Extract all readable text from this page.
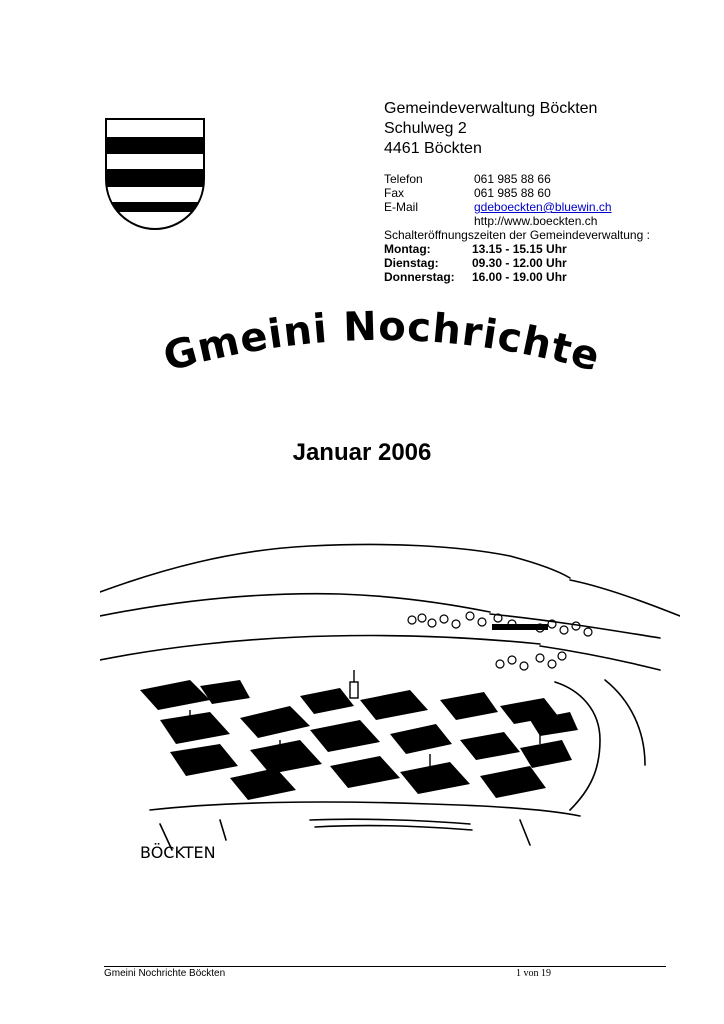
Gemeindeverwaltung Böckten
Schulweg 2
4461 Böckten
Telefon	061 985 88 66
Fax	061 985 88 60
E-Mail	gdeboeckten@bluewin.ch
http://www.boeckten.ch
Schalteröffnungszeiten der Gemeindeverwaltung :
Montag:	13.15 - 15.15 Uhr
Dienstag:	09.30 - 12.00 Uhr
Donnerstag:	16.00 - 19.00 Uhr
Gmeini Nochrichte
Januar 2006
BÖCKTEN
Gmeini Nochrichte Böckten	1 von 19
